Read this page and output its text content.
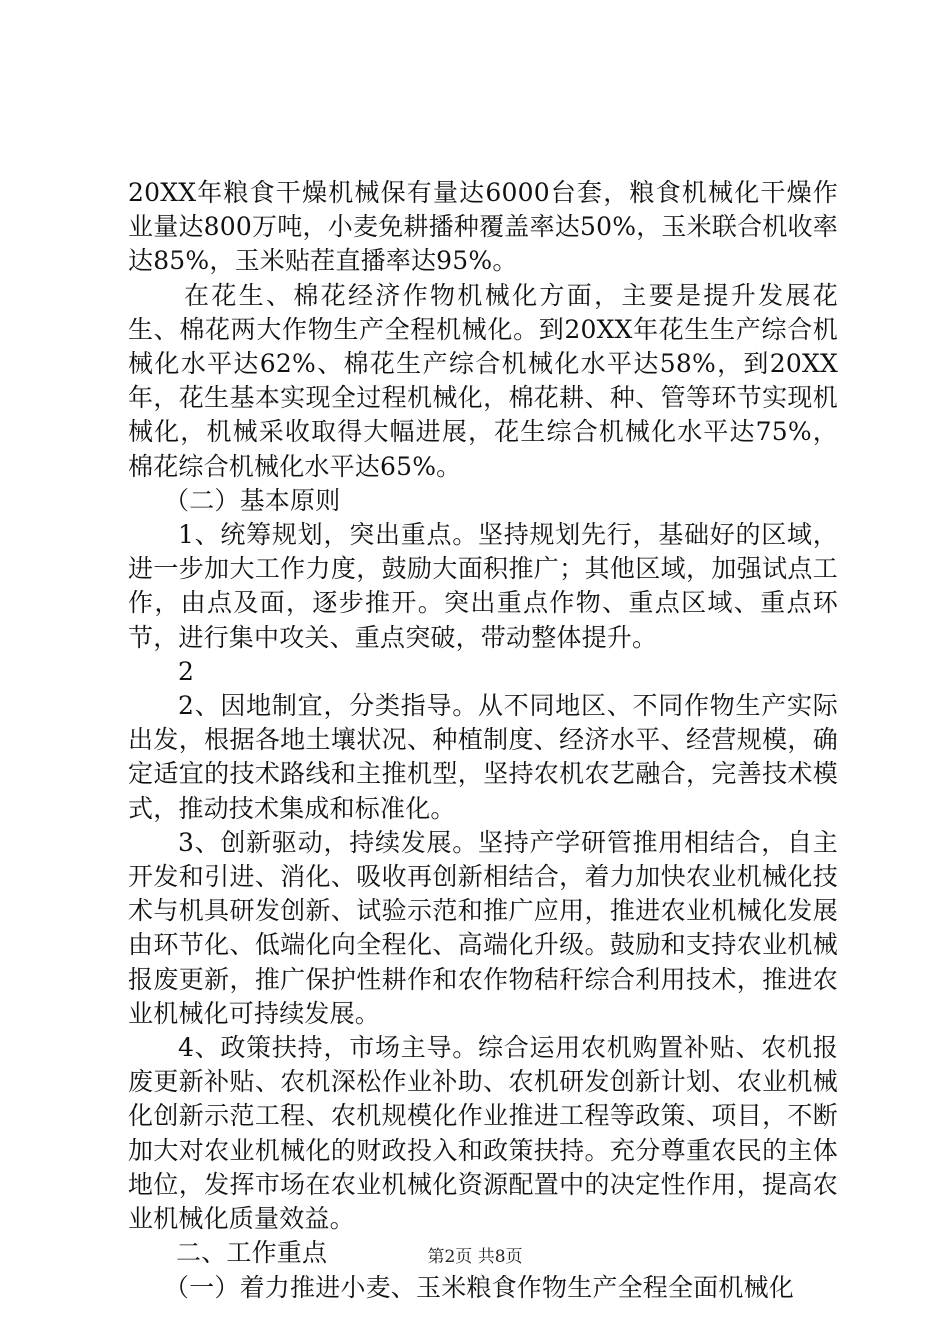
20XX年粮食干燥机械保有量达6000台套，粮食机械化干燥作业量达800万吨，小麦免耕播种覆盖率达50%，玉米联合机收率达85%，玉米贴茬直播率达95%。

在花生、棉花经济作物机械化方面，主要是提升发展花生、棉花两大作物生产全程机械化。到20XX年花生生产综合机械化水平达62%、棉花生产综合机械化水平达58%，到20XX年，花生基本实现全过程机械化，棉花耕、种、管等环节实现机械化，机械采收取得大幅进展，花生综合机械化水平达75%，棉花综合机械化水平达65%。

（二）基本原则

1、统筹规划，突出重点。坚持规划先行，基础好的区域，进一步加大工作力度，鼓励大面积推广；其他区域，加强试点工作，由点及面，逐步推开。突出重点作物、重点区域、重点环节，进行集中攻关、重点突破，带动整体提升。

2

2、因地制宜，分类指导。从不同地区、不同作物生产实际出发，根据各地土壤状况、种植制度、经济水平、经营规模，确定适宜的技术路线和主推机型，坚持农机农艺融合，完善技术模式，推动技术集成和标准化。

3、创新驱动，持续发展。坚持产学研管推用相结合，自主开发和引进、消化、吸收再创新相结合，着力加快农业机械化技术与机具研发创新、试验示范和推广应用，推进农业机械化发展由环节化、低端化向全程化、高端化升级。鼓励和支持农业机械报废更新，推广保护性耕作和农作物秸秆综合利用技术，推进农业机械化可持续发展。

4、政策扶持，市场主导。综合运用农机购置补贴、农机报废更新补贴、农机深松作业补助、农机研发创新计划、农业机械化创新示范工程、农机规模化作业推进工程等政策、项目，不断加大对农业机械化的财政投入和政策扶持。充分尊重农民的主体地位，发挥市场在农业机械化资源配置中的决定性作用，提高农业机械化质量效益。

二、工作重点

（一）着力推进小麦、玉米粮食作物生产全程全面机械化

第2页 共8页
